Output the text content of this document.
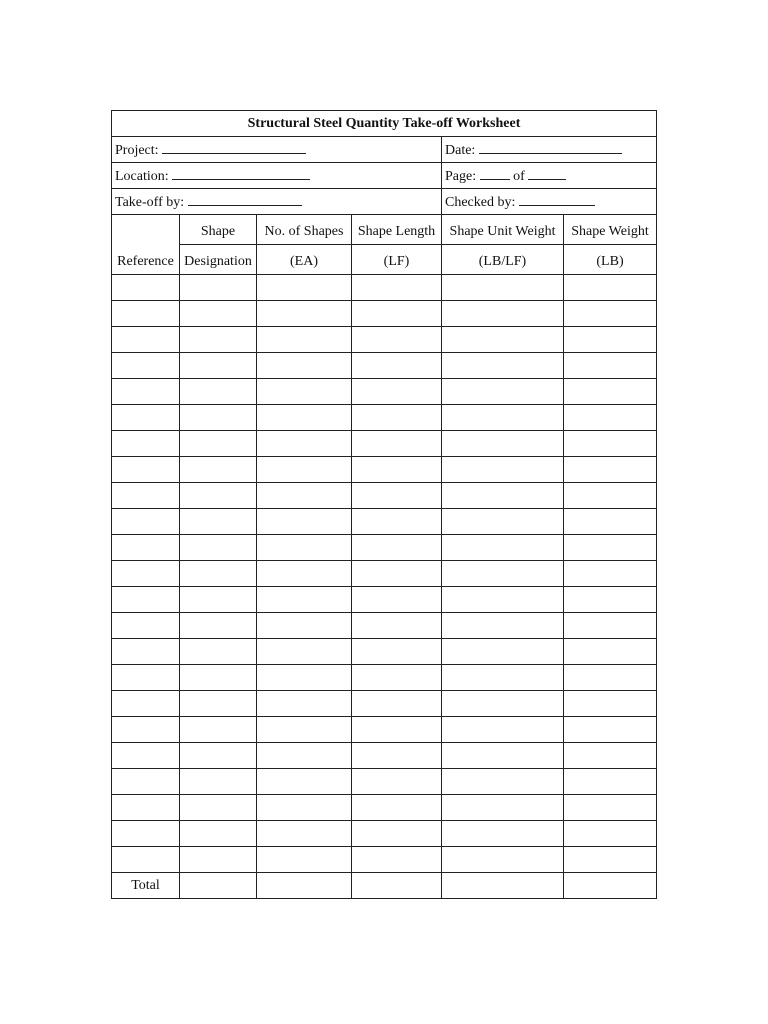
Structural Steel Quantity Take-off Worksheet					
Project:				Date:	
Location:				Page: of	
Take-off by:				Checked by:	
Reference	Shape	No. of Shapes	Shape Length	Shape Unit Weight	Shape Weight
	Designation	(EA)	(LF)	(LB/LF)	(LB)

Total					
